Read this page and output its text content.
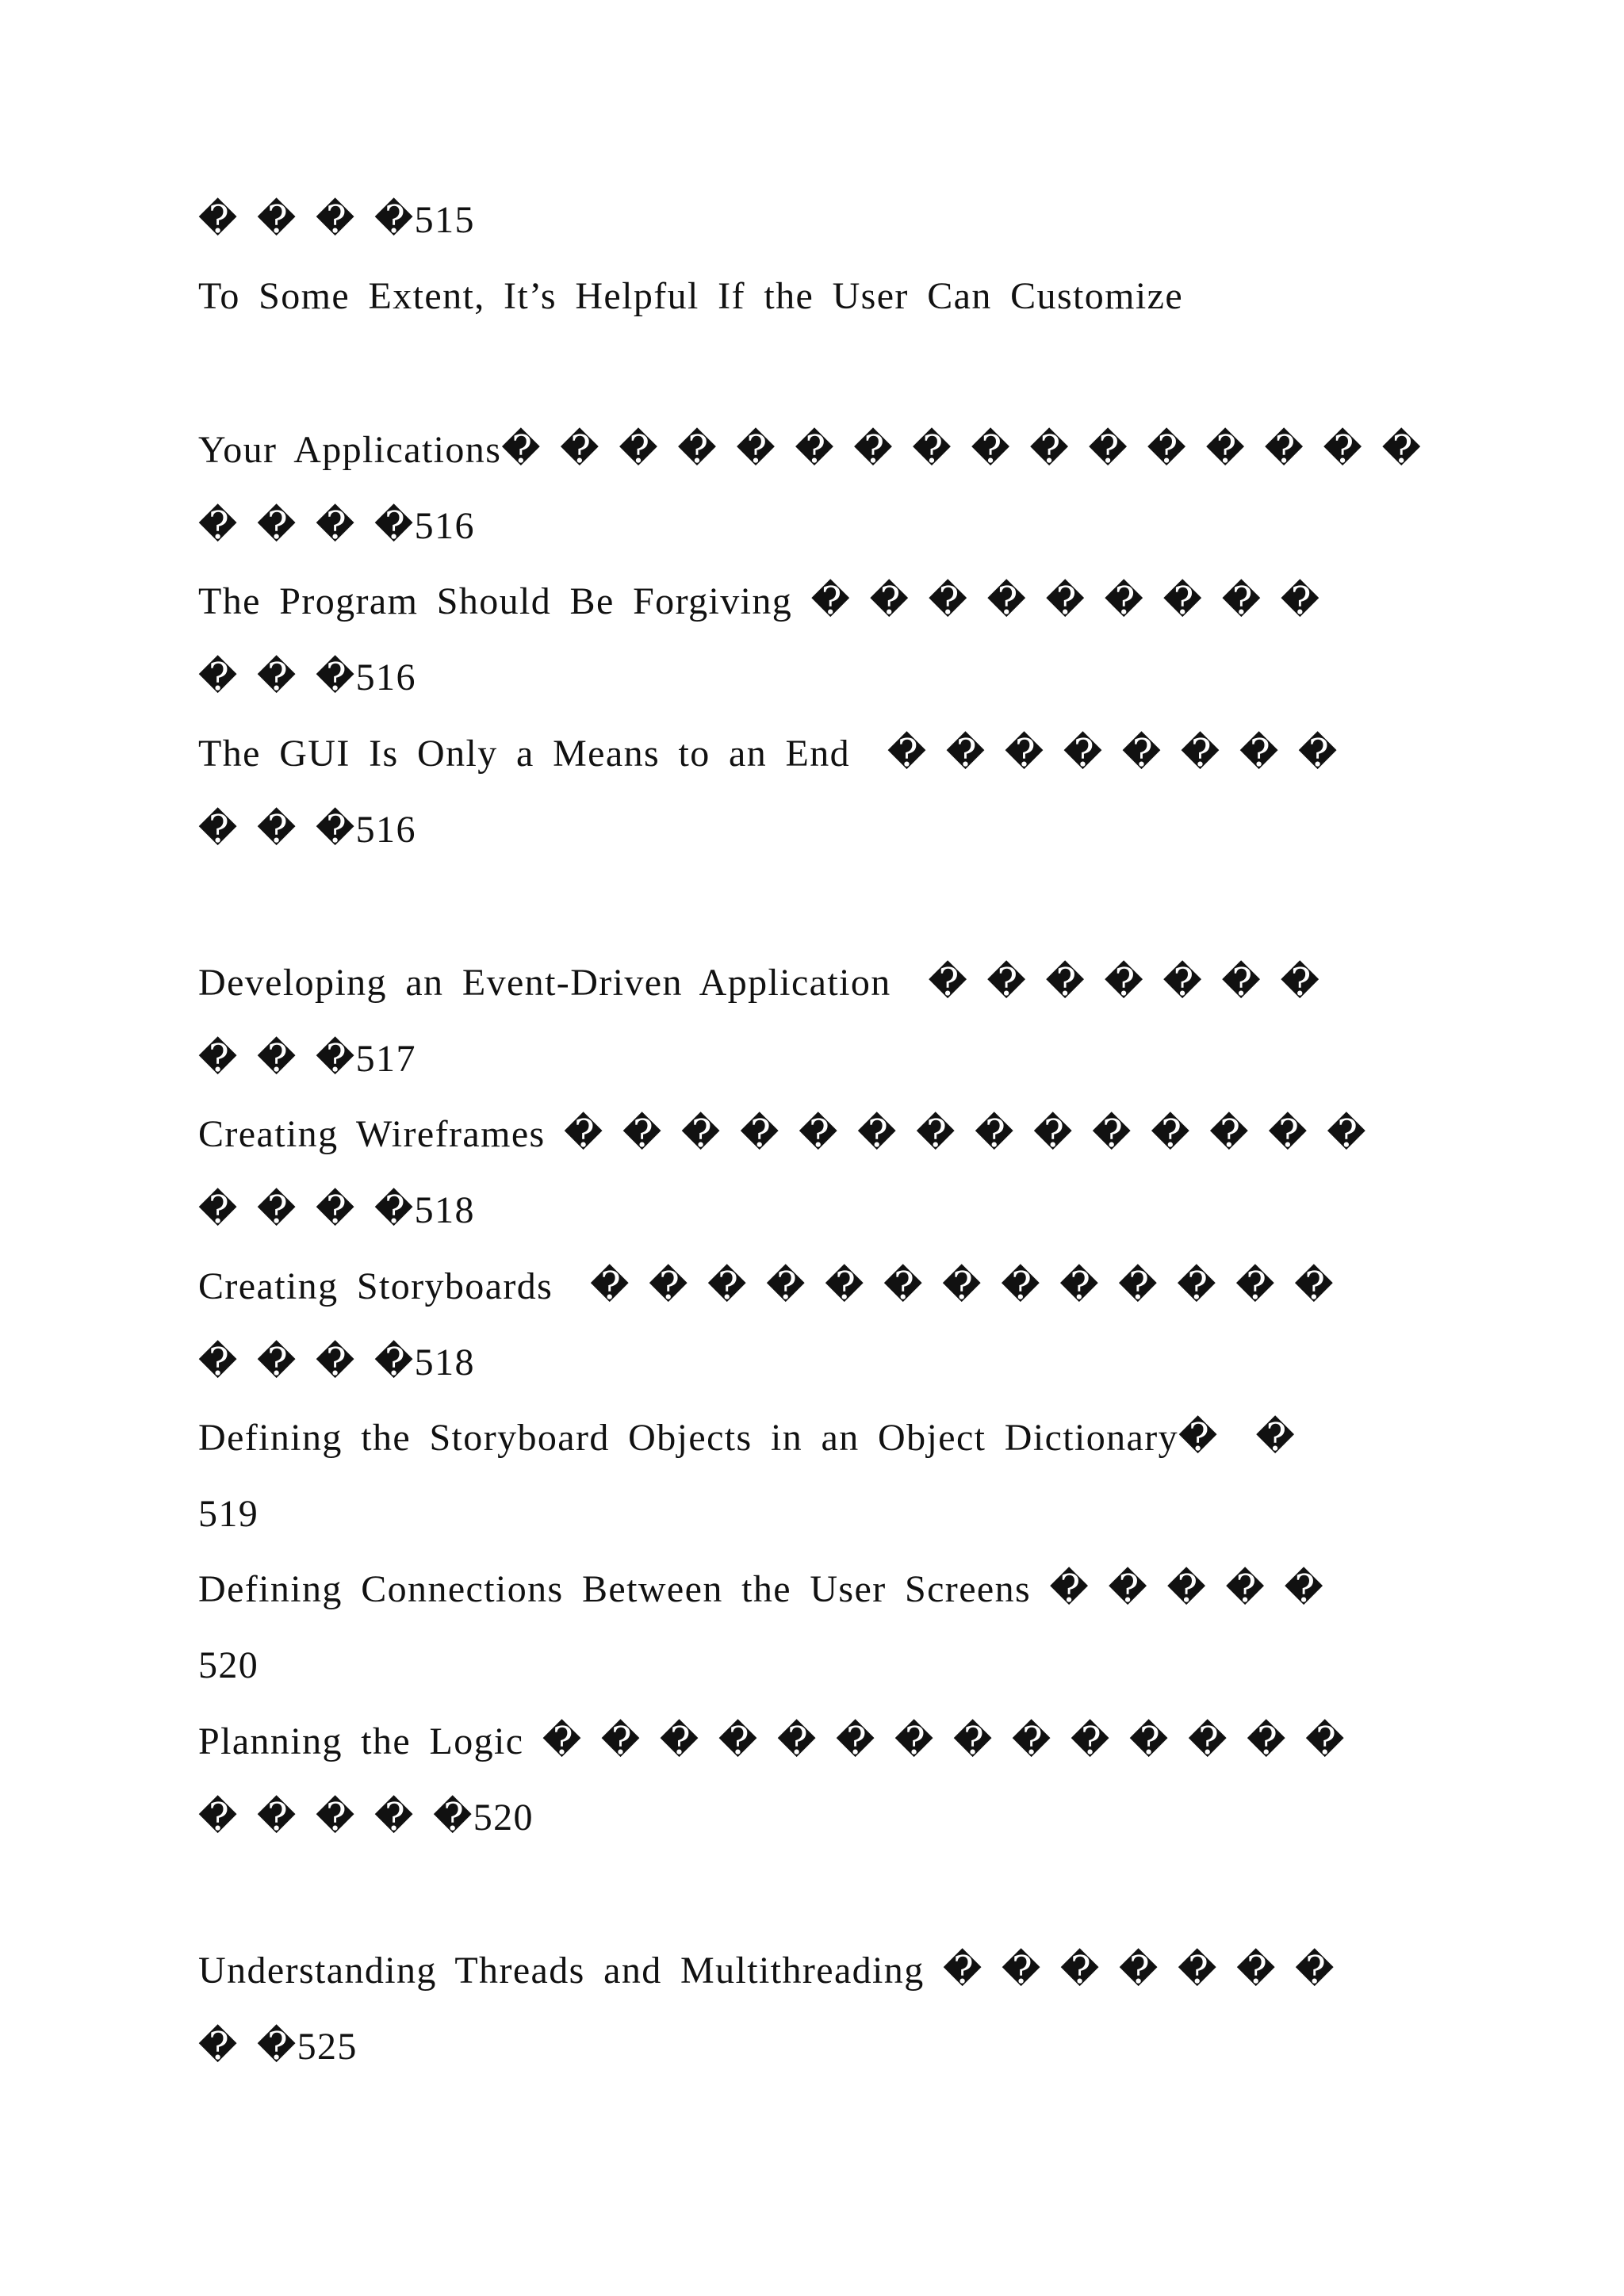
� � � �515
To Some Extent, It’s Helpful If the User Can Customize
Your Applications� � � � � � � � � � � � � � � �
� � � �516
The Program Should Be Forgiving � � � � � � � � �
� � �516
The GUI Is Only a Means to an End  � � � � � � � �
� � �516
Developing an Event-Driven Application  � � � � � � �
� � �517
Creating Wireframes � � � � � � � � � � � � � �
� � � �518
Creating Storyboards  � � � � � � � � � � � � �
� � � �518
Defining the Storyboard Objects in an Object Dictionary�  �
519
Defining Connections Between the User Screens � � � � �
520
Planning the Logic � � � � � � � � � � � � � �
� � � � �520
Understanding Threads and Multithreading � � � � � � �
� �525
